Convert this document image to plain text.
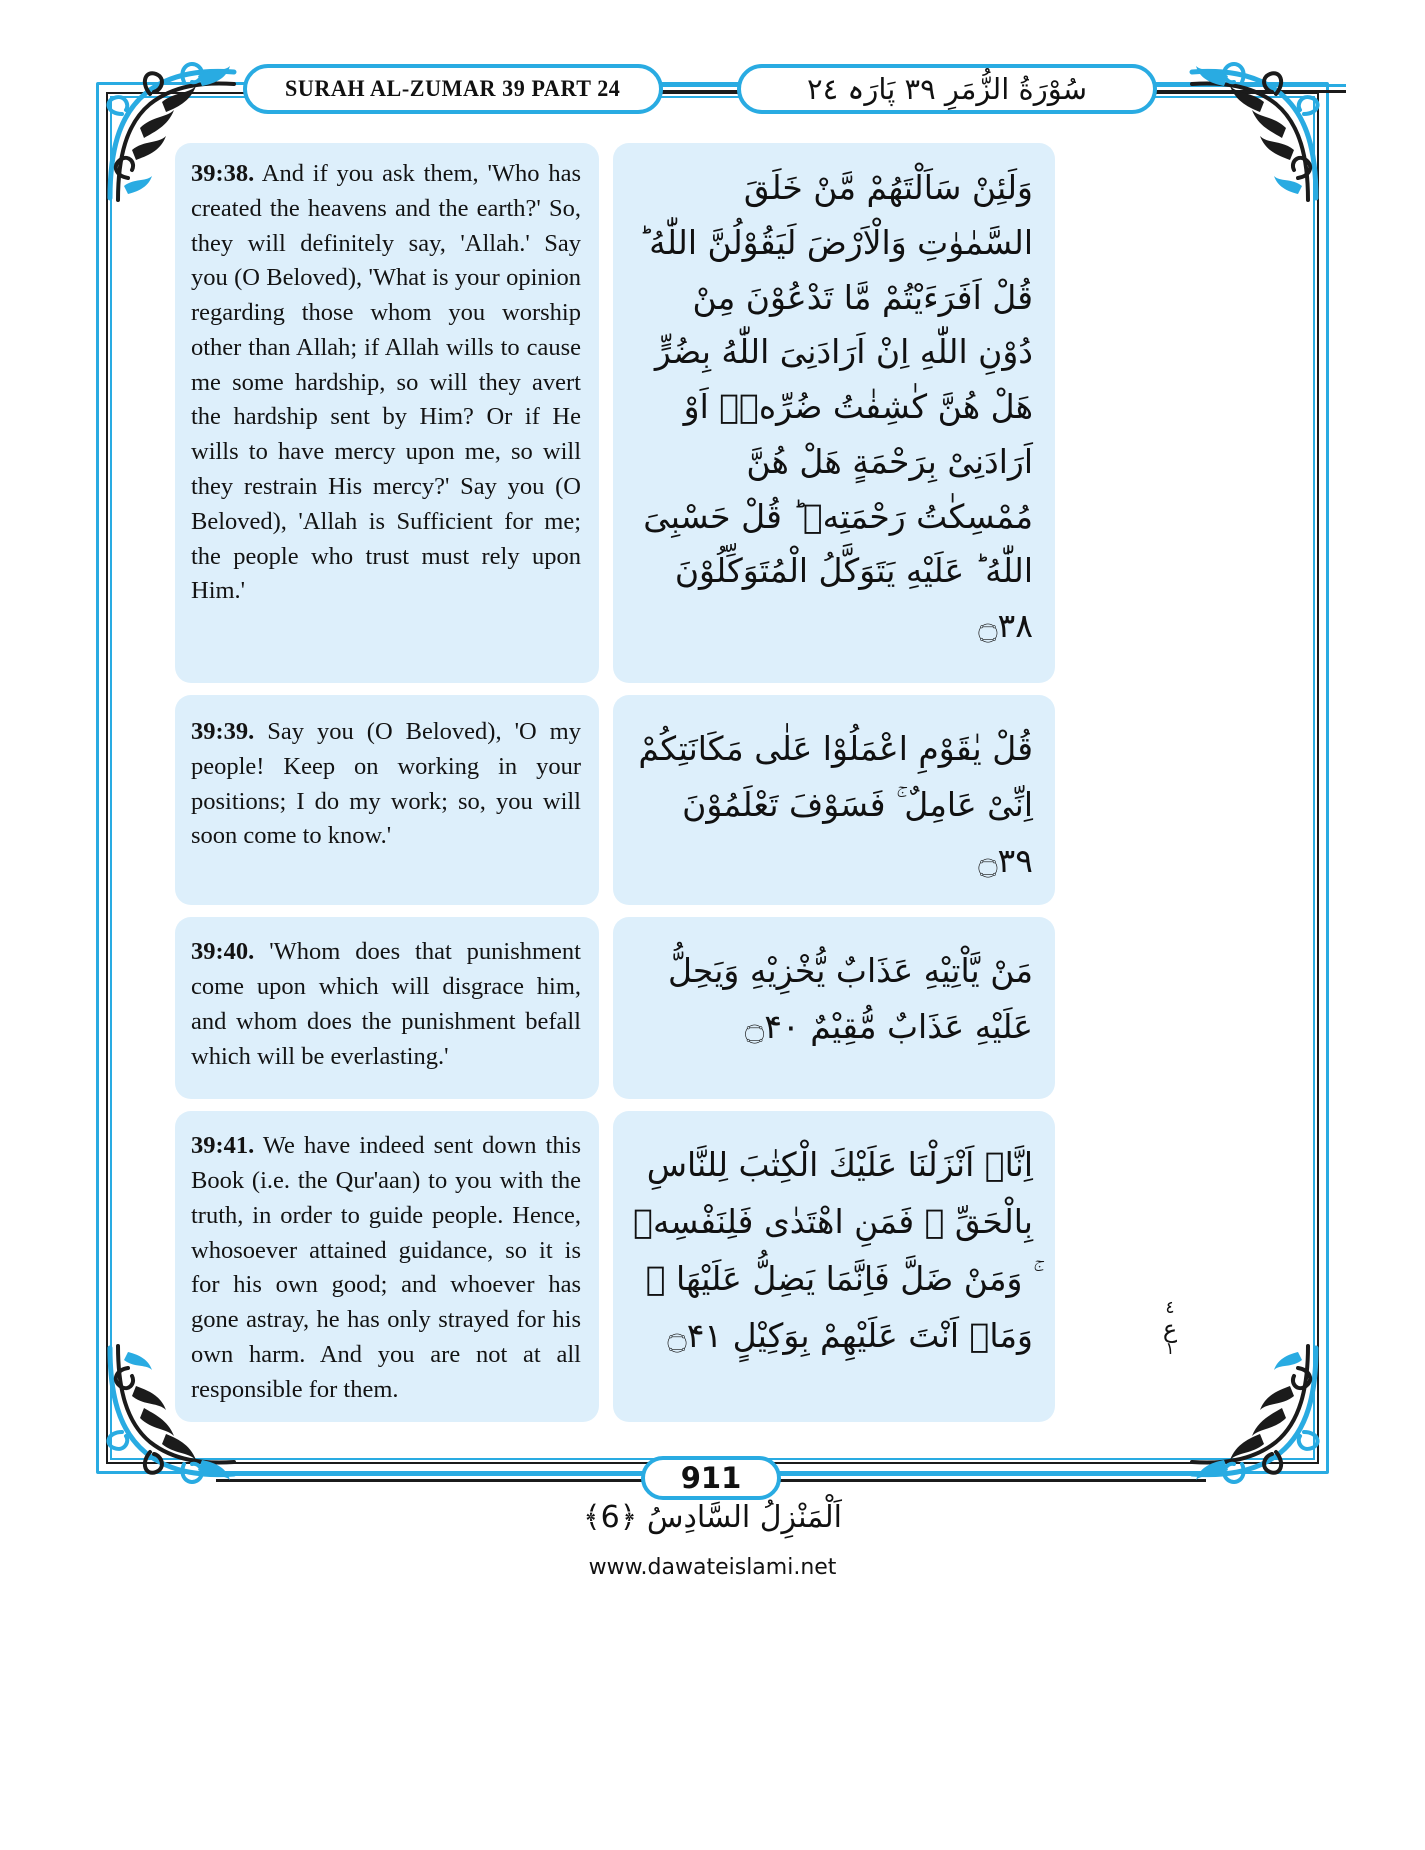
SURAH AL-ZUMAR 39 PART 24	سُوْرَةُ الزُّمَرِ ٣٩ پَارَہ ٢٤
39:38. And if you ask them, 'Who has created the heavens and the earth?' So, they will definitely say, 'Allah.' Say you (O Beloved), 'What is your opinion regarding those whom you worship other than Allah; if Allah wills to cause me some hardship, so will they avert the hardship sent by Him? Or if He wills to have mercy upon me, so will they restrain His mercy?' Say you (O Beloved), 'Allah is Sufficient for me; the people who trust must rely upon Him.'
وَلَئِنْ سَاَلْتَهُمْ مَّنْ خَلَقَ السَّمٰوٰتِ وَالْاَرْضَ لَيَقُوْلُنَّ اللّٰهُ ؕ قُلْ اَفَرَءَيْتُمْ مَّا تَدْعُوْنَ مِنْ دُوْنِ اللّٰهِ اِنْ اَرَادَنِیَ اللّٰهُ بِضُرٍّ هَلْ هُنَّ كٰشِفٰتُ ضُرِّهٖۤ اَوْ اَرَادَنِیْ بِرَحْمَةٍ هَلْ هُنَّ مُمْسِكٰتُ رَحْمَتِهٖ ؕ قُلْ حَسْبِیَ اللّٰهُ ؕ عَلَيْهِ يَتَوَكَّلُ الْمُتَوَكِّلُوْنَ ۝۳۸
39:39. Say you (O Beloved), 'O my people! Keep on working in your positions; I do my work; so, you will soon come to know.'
قُلْ يٰقَوْمِ اعْمَلُوْا عَلٰى مَكَانَتِكُمْ اِنِّیْ عَامِلٌ ۚ فَسَوْفَ تَعْلَمُوْنَ ۝۳۹
39:40. 'Whom does that punishment come upon which will disgrace him, and whom does the punishment befall which will be everlasting.'
مَنْ يَّاْتِيْهِ عَذَابٌ يُّخْزِيْهِ وَيَحِلُّ عَلَيْهِ عَذَابٌ مُّقِيْمٌ ۝۴۰
39:41. We have indeed sent down this Book (i.e. the Qur'aan) to you with the truth, in order to guide people. Hence, whosoever attained guidance, so it is for his own good; and whoever has gone astray, he has only strayed for his own harm. And you are not at all responsible for them.
اِنَّاۤ اَنْزَلْنَا عَلَيْكَ الْكِتٰبَ لِلنَّاسِ بِالْحَقِّ ۚ فَمَنِ اهْتَدٰى فَلِنَفْسِهٖ ۚ وَمَنْ ضَلَّ فَاِنَّمَا يَضِلُّ عَلَيْهَا ۚ وَمَاۤ اَنْتَ عَلَيْهِمْ بِوَكِيْلٍ ۝۴۱
٤
ع
١
911
اَلْمَنْزِلُ السَّادِسُ ﴿6﴾
www.dawateislami.net
